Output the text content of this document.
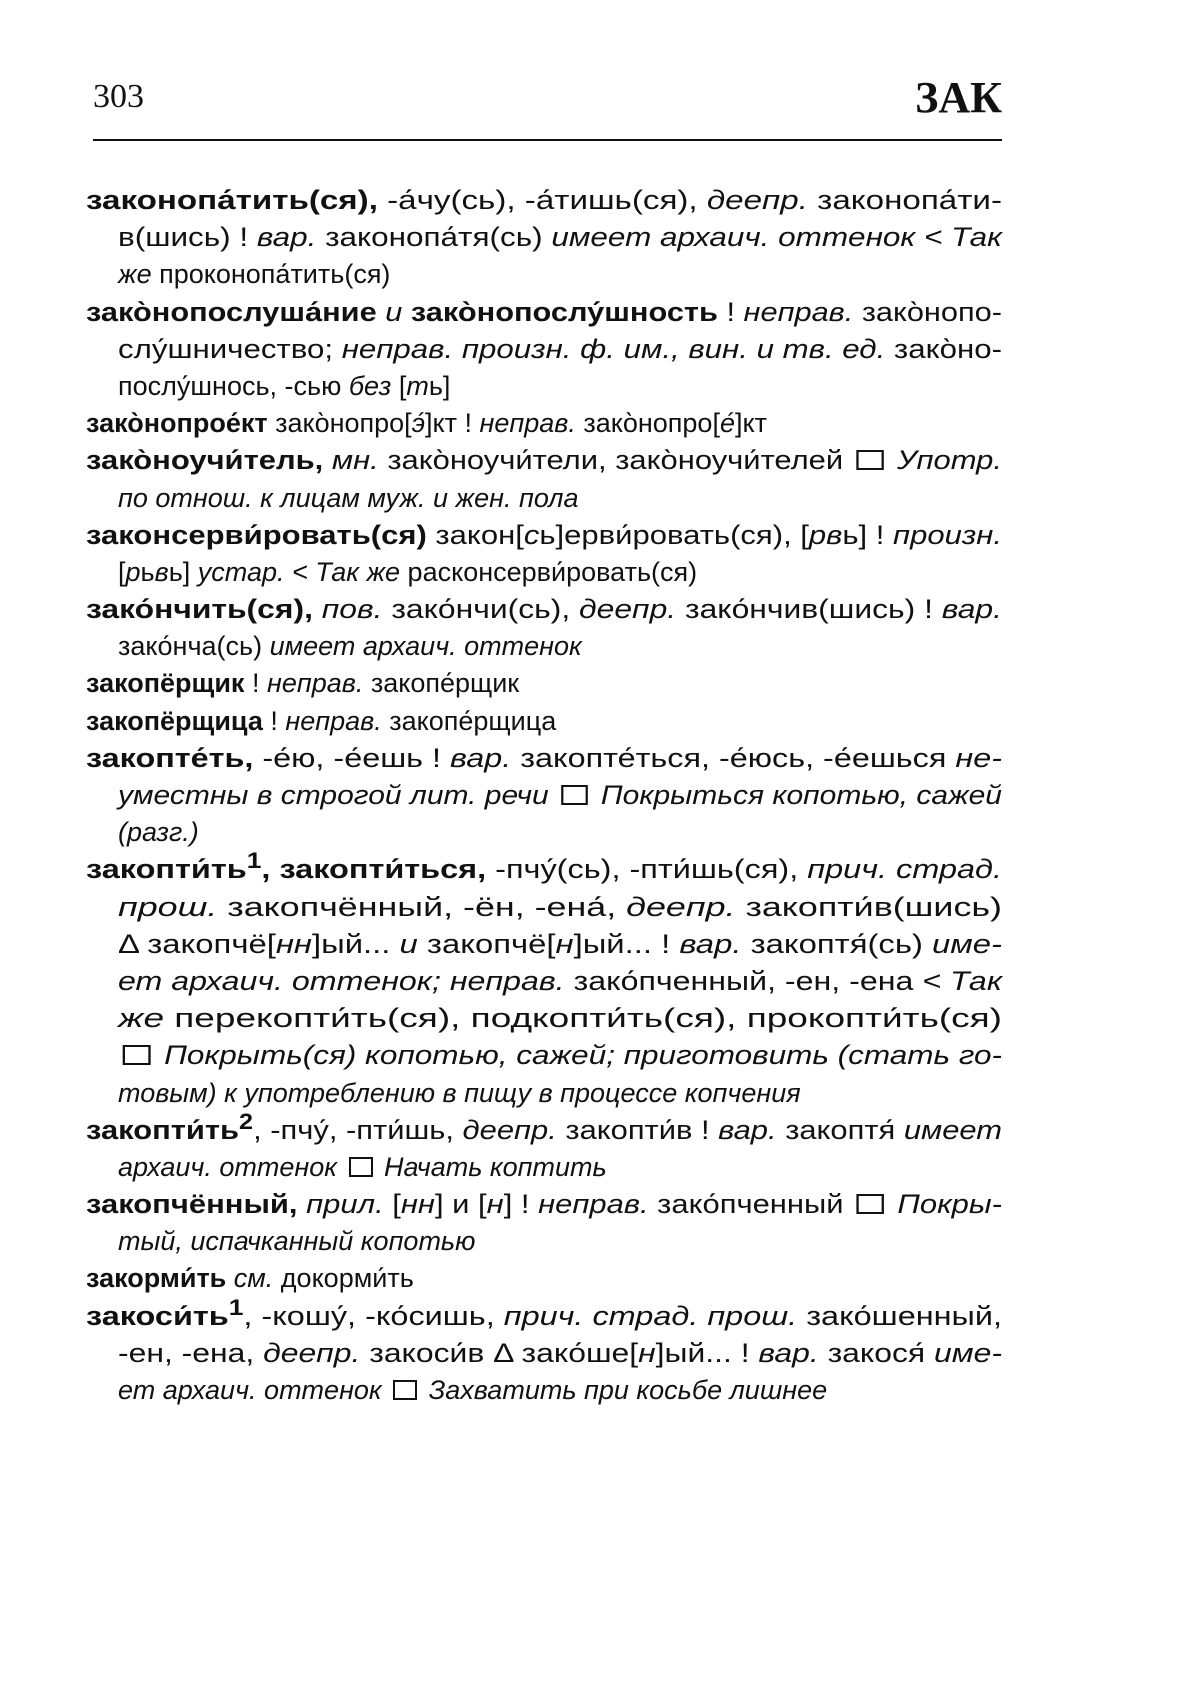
303	ЗАК
законопа́тить(ся), -а́чу(сь), -а́тишь(ся), деепр. законопа́ти-
в(шись) ! вар. законопа́тя(сь) имеет архаич. оттенок < Так
же проконопа́тить(ся)
зако̀нопослуша́ние и зако̀нопослу́шность ! неправ. зако̀нопо-
слу́шничество; неправ. произн. ф. им., вин. и тв. ед. зако̀но-
послу́шнось, -сью без [ть]
зако̀нопрое́кт зако̀нопро[э́]кт ! неправ. зако̀нопро[е́]кт
зако̀ноучи́тель, мн. зако̀ноучи́тели, зако̀ноучи́телей  Употр.
по отнош. к лицам муж. и жен. пола
законсерви́ровать(ся) закон[сь]ерви́ровать(ся), [рвь] ! произн.
[рьвь] устар. < Так же расконсерви́ровать(ся)
зако́нчить(ся), пов. зако́нчи(сь), деепр. зако́нчив(шись) ! вар.
зако́нча(сь) имеет архаич. оттенок
закопёрщик ! неправ. закопе́рщик
закопёрщица ! неправ. закопе́рщица
закопте́ть, -е́ю, -е́ешь ! вар. закопте́ться, -е́юсь, -е́ешься не-
уместны в строгой лит. речи Покрыться копотью, сажей
(разг.)
$закопти́ть^1$, закопти́ться, -пчу́(сь), -пти́шь(ся), прич. страд.
прош. закопчённый, -ён, -ена́, деепр. закопти́в(шись)
Δ закопчё[нн]ый... и закопчё[н]ый... ! вар. закоптя́(сь) име-
ет архаич. оттенок; неправ. зако́пченный, -ен, -ена < Так
же перекопти́ть(ся), подкопти́ть(ся), прокопти́ть(ся)
Покрыть(ся) копотью, сажей; приготовить (стать го-
товым) к употреблению в пищу в процессе копчения
$закопти́ть^2$, -пчу́, -пти́шь, деепр. закопти́в ! вар. закоптя́ имеет
архаич. оттенок Начать коптить
закопчённый, прил. [нн] и [н] ! неправ. зако́пченный  Покры-
тый, испачканный копотью
закорми́ть см. докорми́ть
$закоси́ть^1$, -кошу́, -ко́сишь, прич. страд. прош. зако́шенный,
-ен, -ена, деепр. закоси́в Δ зако́ше[н]ый... ! вар. закося́ име-
ет архаич. оттенок Захватить при косьбе лишнее
